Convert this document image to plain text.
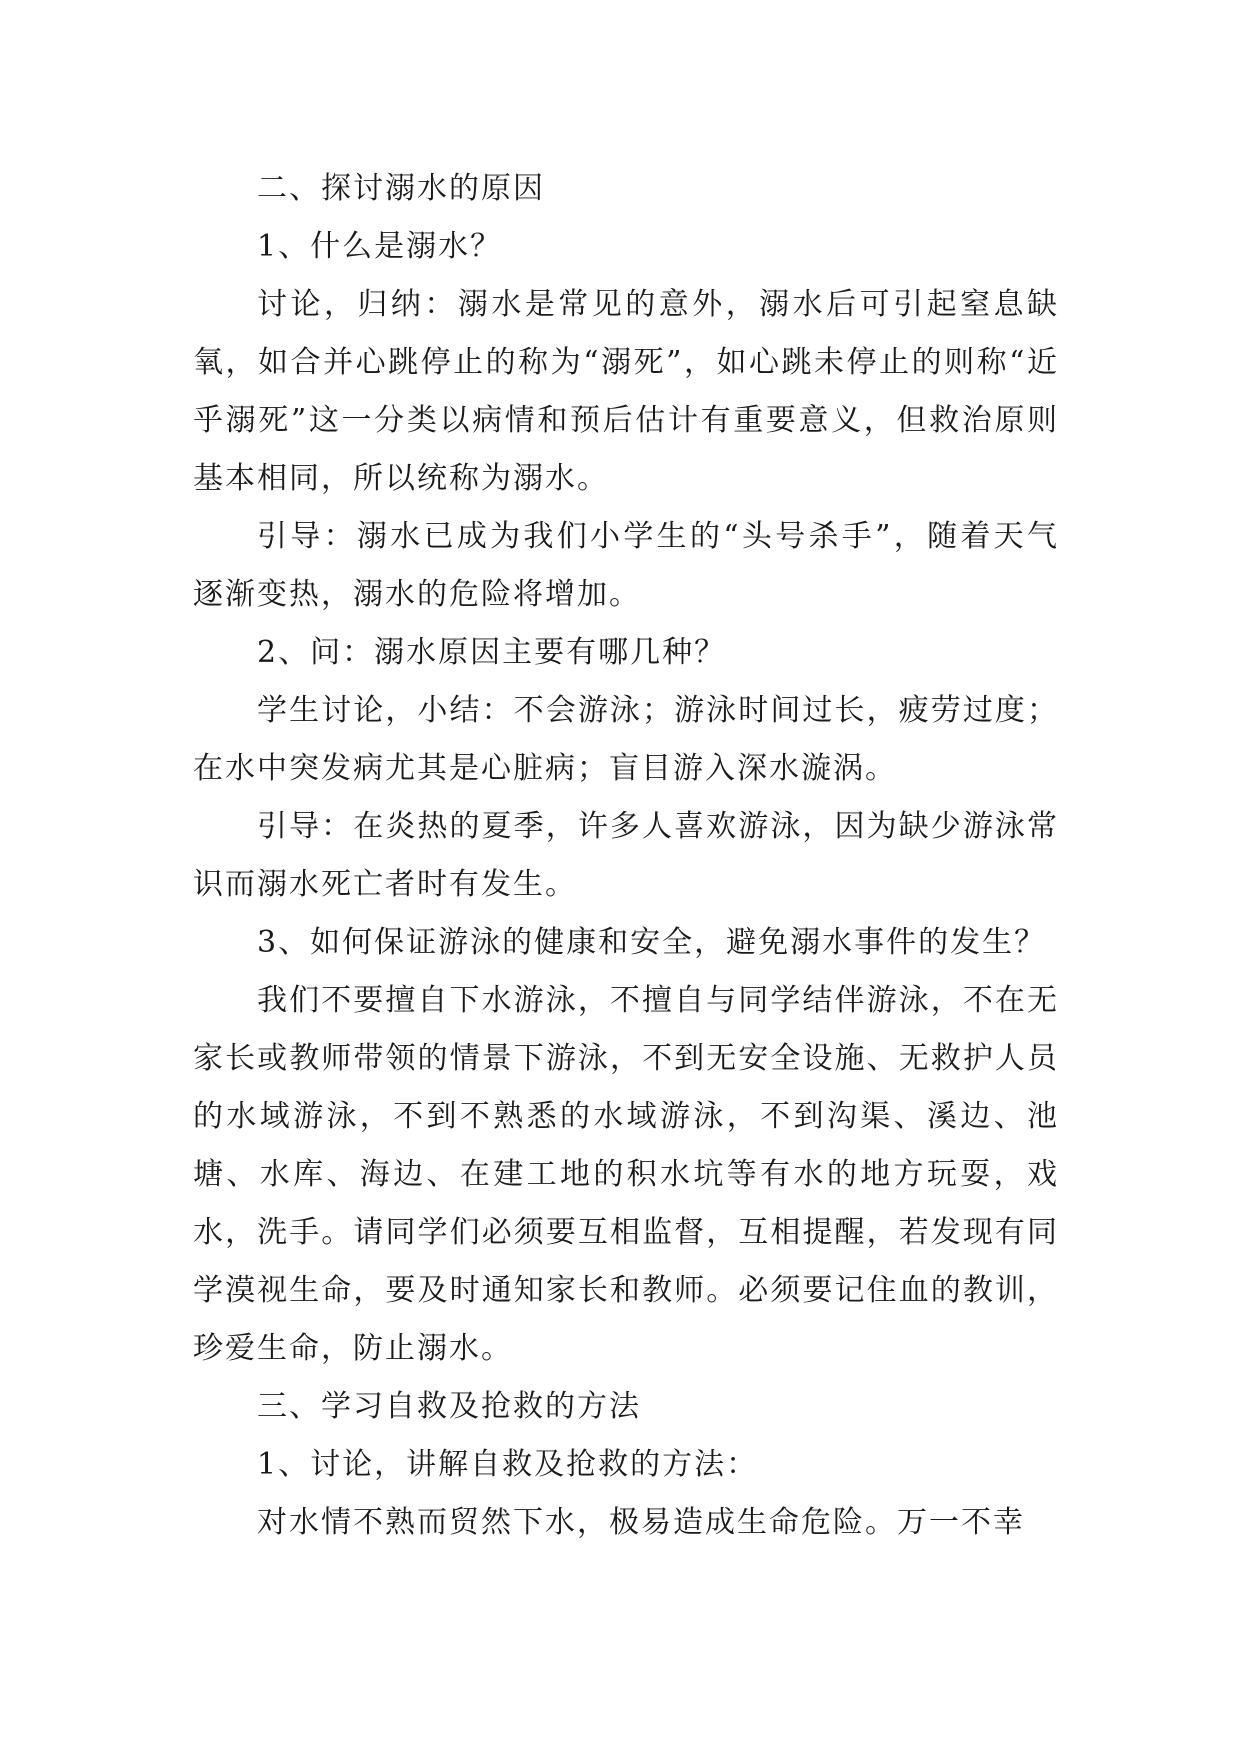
二、探讨溺水的原因

1、什么是溺水？

讨论，归纳：溺水是常见的意外，溺水后可引起窒息缺氧，如合并心跳停止的称为“溺死”，如心跳未停止的则称“近乎溺死”这一分类以病情和预后估计有重要意义，但救治原则基本相同，所以统称为溺水。

引导：溺水已成为我们小学生的“头号杀手”，随着天气逐渐变热，溺水的危险将增加。

2、问：溺水原因主要有哪几种？

学生讨论，小结：不会游泳；游泳时间过长，疲劳过度；在水中突发病尤其是心脏病；盲目游入深水漩涡。

引导：在炎热的夏季，许多人喜欢游泳，因为缺少游泳常识而溺水死亡者时有发生。

3、如何保证游泳的健康和安全，避免溺水事件的发生？

我们不要擅自下水游泳，不擅自与同学结伴游泳，不在无家长或教师带领的情景下游泳，不到无安全设施、无救护人员的水域游泳，不到不熟悉的水域游泳，不到沟渠、溪边、池塘、水库、海边、在建工地的积水坑等有水的地方玩耍，戏水，洗手。请同学们必须要互相监督，互相提醒，若发现有同学漠视生命，要及时通知家长和教师。必须要记住血的教训，珍爱生命，防止溺水。

三、学习自救及抢救的方法

1、讨论，讲解自救及抢救的方法：

对水情不熟而贸然下水，极易造成生命危险。万一不幸
